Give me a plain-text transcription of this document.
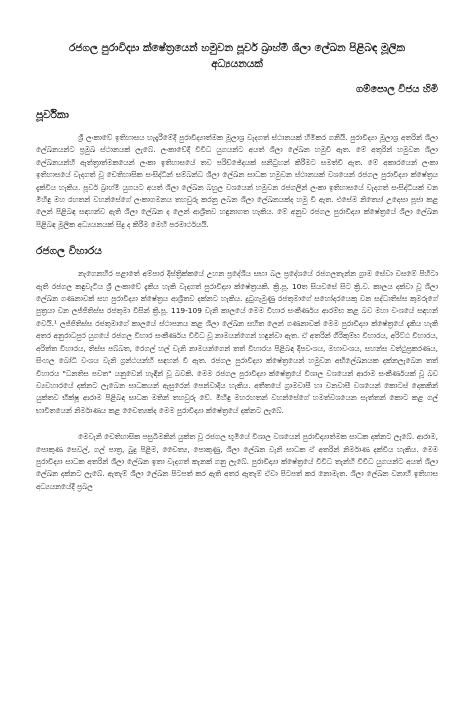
රජගල පුරාවිද්‍යා ක්ෂේත්‍රයෙන් හමුවන පූර්ව බ්‍රාහ්මී ශිලා ලේඛන පිළිබඳ මූලික
අධ්‍යයනයක්
ගම්පොල විජය හිමි
පූර්විකා

ශ්‍රී ලංකාවේ ඉතිහාසය හැදෑරීමේදී පුරාවිද්‍යාත්මක මූලාශ්‍ර වැදගත් ස්ථානයක් හිමිකර ගනියි. පුරාවිද්‍යා මූලාශ්‍ර අතරින් ශිලා ලේඛනයන්ට ප්‍රමුඛ ස්ථානයක් ලැබේ. ලංකාවේදී විවිධ යුගයන්ට අයත් ශිලා ලේඛන හමුවී ඇත. මේ අතුරින් හමුවන ශිලා ලේඛනයන්හි ඇත්ත්‍රාත්මකයෙන් ලංකා ඉතිහාසයේ තව පරිච්ඡේදයක් සනිටුහන් කිරීමට සමත්වී ඇත. මේ අකාරයෙන් ලංකා ඉතිහාසයේ වැදගත් වූ චෙතිහාසික සංසිද්ධීන් සම්බන්ධ ශිලා ලේඛන සාධක හමුවන ස්ථානයක් වශයෙන් රජගල පුරාවිද්‍යා ක්ෂේත්‍රය දැක්විය හැකිය. පූර්ව බ්‍රාහ්මී යුගයට අයත් ශිලා ලේඛන බහුල වශයෙන් හමුවන රජගලින් ලංකා ඉතිහාසයේ වැදගත් සංසිද්ධියක් වන මිහිඳු මහ රහතන් වහන්සේගේ ලංකාගමනය තහවුරු කරනු ලබන ශිලා ලේඛනයක්ද හමු වී ඇත. එසේම නිත්‍යෝ උදෙසා පූජා කළ ලෙන් පිළිබඳ සඳහන්ව ඇති ශිලා ලේඛන ද ලෙන් ආශ්‍රිතව හඳුනාගත හැකිය. මේ අනුව රජගල පුරාවිද්‍යා ක්ෂේත්‍රයේ ශිලා ලේඛන පිළිබඳ මූලික අධ්‍යයනයක් සිදු ද කිරීම මෙහි පරමාර්ථයයි.

රජගල විහාරය

නැගෙනහිර පළාතේ අම්පාර දිස්ත්‍රික්කයේ උහන ප්‍රදේශීය සභා බල ප්‍රදේශයේ රජගලතැන්න ග්‍රාම සේවා වසමේ පිහිටා ඇති රජගල කඳුවැටිය ශ්‍රී ලංකාවේ දැකිය හැකි වැදගත් පුරාවිද්‍යා ක්ෂේත්‍රයකි. ක්‍රි.පූ. 10ත සියවසේ සිට ක්‍රි.ව. කාලය දක්වා වූ ශිලා ලේඛන ගණනාවක් සහ පුරාවිද්‍යා ක්ෂේත්‍රය ආශ්‍රිතව දක්නට හැකිය. දුටුගැමුණු රජතුමාගේ සහෝදරයෙකු වන සද්ධාතිස්ස කුමරුගේ පුත්‍රයා වන ලජ්ජිතිස්ස රජතුමා විසින් ක්‍රි.පූ. 119-109 වැනි කාලයේ මෙම විහාර සංකීර්ණය ආරම්භ කළ බව මහා වංශයේ සඳහන් වෙයි.¹ ලජ්ජිතිස්ස රජතුමාගේ කාලයේ ස්ථාපනය කළ ශිලා ලේඛන සහිත ලෙන් ගණනාවක් මෙම පුරාවිද්‍යා ක්ෂේත්‍රයේ දැකිය හැකි අතර අනුරාධපුර යුගයේ රජගල විහාර සංකීර්ණය විවිධ වූ නාමයන්ගෙන් හඳුන්වා ඇත. ඒ අතරින් ගිරිකුම්භ විහාරය, අරිට්ඨ විහාරය, අරිත්ත විහාරය, තිස්ස පබ්බත, රෙගල් හල් වැනි නාමයන්ගෙන් තත් විහාරය පිළිබඳ දීපවංශය, මහාවංශය, සහන්ස වත්ථුප්‍රකරණය, සිංහල බෝධි වංශය වැනි ග්‍රන්ථයන්හි සඳහන් වී ඇත. රජගල පුරාවිද්‍යා ක්ෂේත්‍රයෙන් හමුවන අභිලේඛනයක දක්නලැබෙන තත් විහාරය "ධනතිස පවත" යනුවෙන් හැඳින් වූ බවකි. මෙම රජගල පුරාවිද්‍යා ක්ෂේත්‍රයේ විශාල වශයෙන් ආරාම සංකීර්ණයක් වූ බව ව්‍යවහාරයේ දක්නට ලැබෙන සාධකයන් ඇසුරෙන් පෙන්වාදිය හැකිය. අතීතයේ ග්‍රාමවාසී හා වනවාසී වශයෙන් කොටස් දෙකකින් යුක්තව භික්ෂූ ආරාම පිළිබඳ සාධක මතින් තහවුරු වේ. මිහිඳු මහරහතන් වහන්සේගේ හමත්වශයෙන සැත්තන් කොට කළ ගල් භාවිතයෙන් නිර්මාණය කළ චෛත්‍යක්ද මෙම පුරාවිද්‍යා ක්ෂේත්‍රයේ දක්නට ලැබේ.

මෙවැනි චෙතිහාසික පසුබිමකින් යුක්ත වූ රජගල භූමියේ විශාල වශයෙන් පුරාවිද්‍යාත්මක සාධක දක්නට ලැබේ. ආරාම, පොකුණ සෙවල්, ගල් පාත්‍ර, බුදු පිළිම, චෛත්‍ය, පොකුණු, ශිලා ලේඛන වැනි සාධක ඒ අතරින් නිර්මාණ දක්විය හැකිය. මෙම පුරාවිද්‍යා සාධක අතරින් ශිලා ලේඛන ඉතා වැදගත් කැනක් ගනු ලැබේ. පුරාවිද්‍යා ක්ෂේත්‍රයේ විවිධ තැන්හි විවිධ යුගයන්ට අයත් ශිලා ලේඛන දක්නට ලැබේ. ඇතැම් ශිලා ලේඛන පිටපත් කර ඇති අතර ඇතැම් ඒවා පිටපත් කර නොමැත. ශිලා ලේඛන වනාහී ඉතිහාස අධ්‍යයනයේදී ප්‍රබල
